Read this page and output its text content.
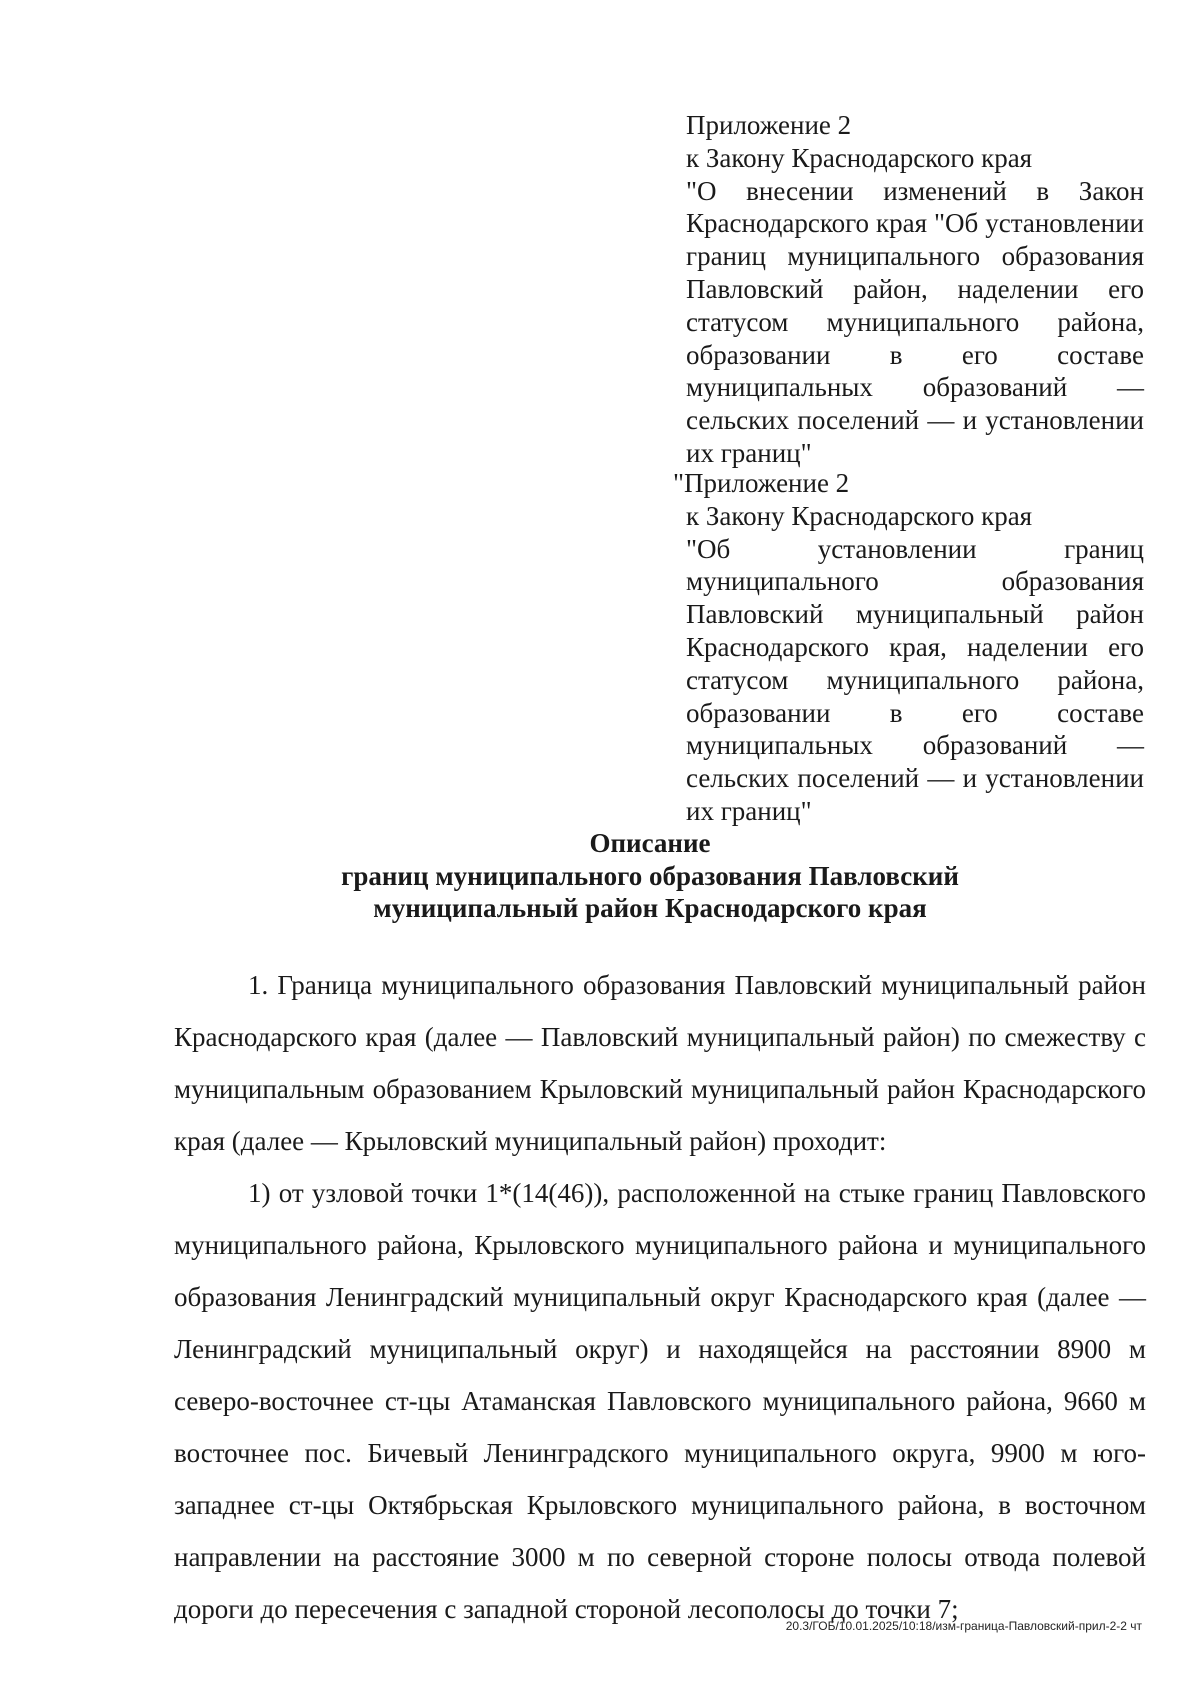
Приложение 2

к Закону Краснодарского края

"О внесении изменений в Закон Краснодарского края "Об установлении границ муниципального образования Павловский район, наделении его статусом муниципального района, образовании в его составе муниципальных образований — сельских поселений — и установлении их границ"

"Приложение 2

к Закону Краснодарского края

"Об установлении границ муниципального образования Павловский муниципальный район Краснодарского края, наделении его статусом муниципального района, образовании в его составе муниципальных образований — сельских поселений — и установлении их границ"

Описание
границ муниципального образования Павловский
муниципальный район Краснодарского края

1. Граница муниципального образования Павловский муниципальный район Краснодарского края (далее — Павловский муниципальный район) по смежеству с муниципальным образованием Крыловский муниципальный район Краснодарского края (далее — Крыловский муниципальный район) проходит:

1) от узловой точки 1*(14(46)), расположенной на стыке границ Павловского муниципального района, Крыловского муниципального района и муниципального образования Ленинградский муниципальный округ Краснодарского края (далее — Ленинградский муниципальный округ) и находящейся на расстоянии 8900 м северо-восточнее ст-цы Атаманская Павловского муниципального района, 9660 м восточнее пос. Бичевый Ленинградского муниципального округа, 9900 м юго-западнее ст-цы Октябрьская Крыловского муниципального района, в восточном направлении на расстояние 3000 м по северной стороне полосы отвода полевой дороги до пересечения с западной стороной лесополосы до точки 7;

20.3/ГОБ/10.01.2025/10:18/изм-граница-Павловский-прил-2-2 чт
